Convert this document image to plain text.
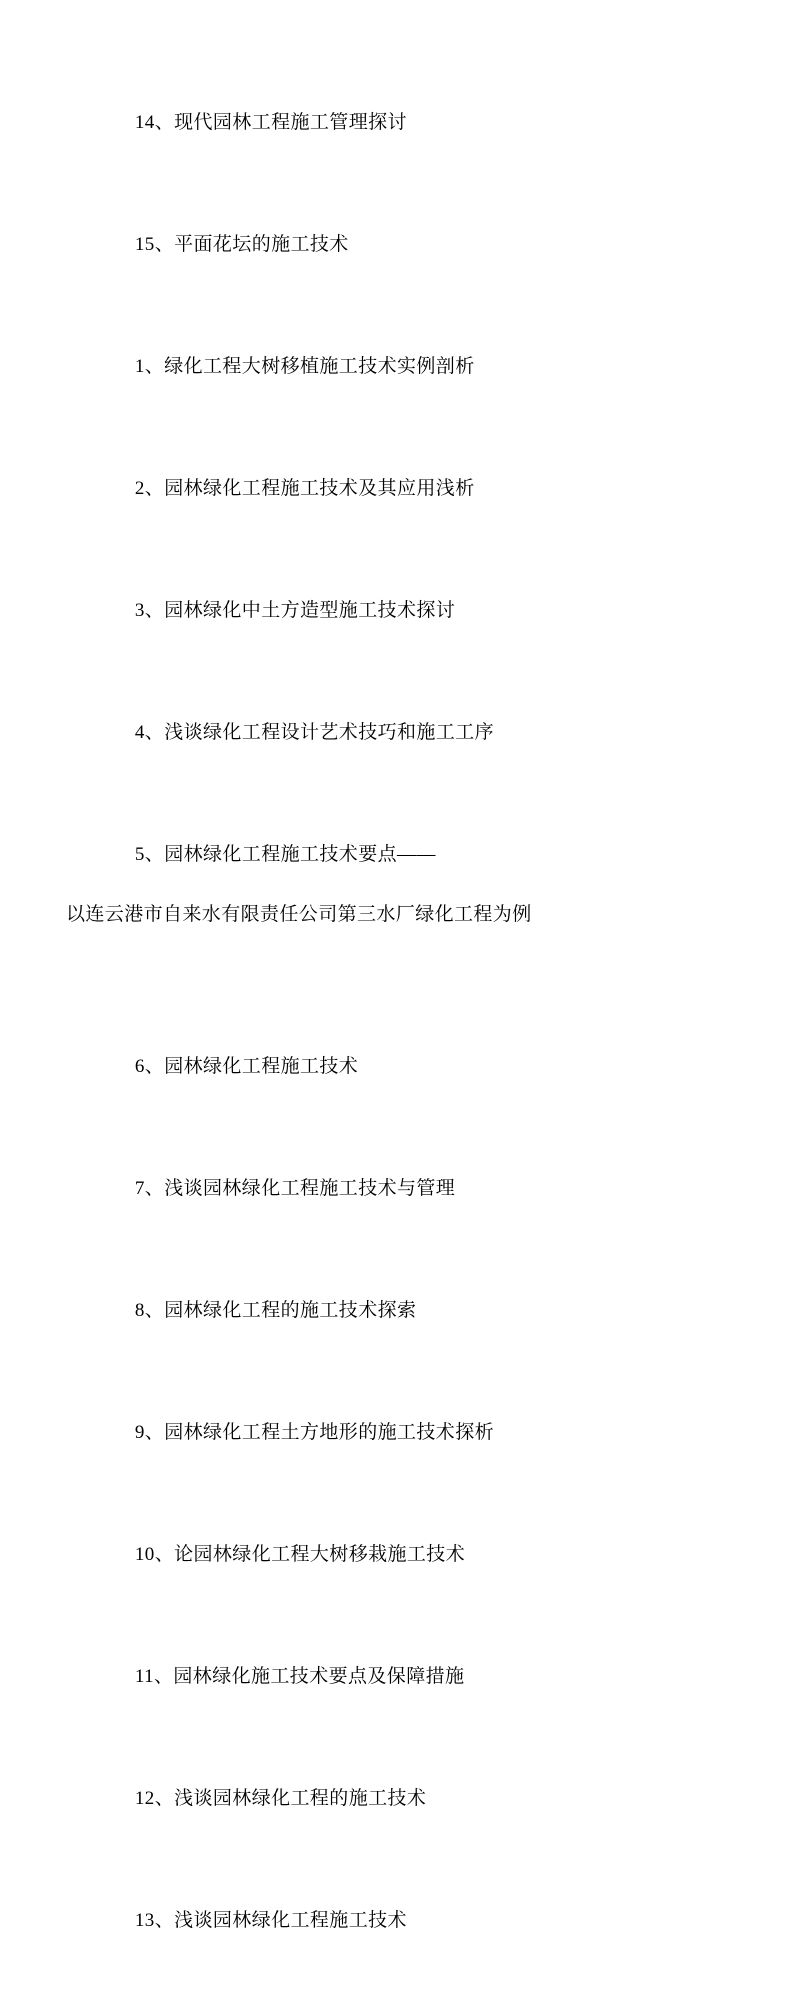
14、现代园林工程施工管理探讨

15、平面花坛的施工技术

1、绿化工程大树移植施工技术实例剖析

2、园林绿化工程施工技术及其应用浅析

3、园林绿化中土方造型施工技术探讨

4、浅谈绿化工程设计艺术技巧和施工工序

5、园林绿化工程施工技术要点——

以连云港市自来水有限责任公司第三水厂绿化工程为例

6、园林绿化工程施工技术

7、浅谈园林绿化工程施工技术与管理

8、园林绿化工程的施工技术探索

9、园林绿化工程土方地形的施工技术探析

10、论园林绿化工程大树移栽施工技术

11、园林绿化施工技术要点及保障措施

12、浅谈园林绿化工程的施工技术

13、浅谈园林绿化工程施工技术
